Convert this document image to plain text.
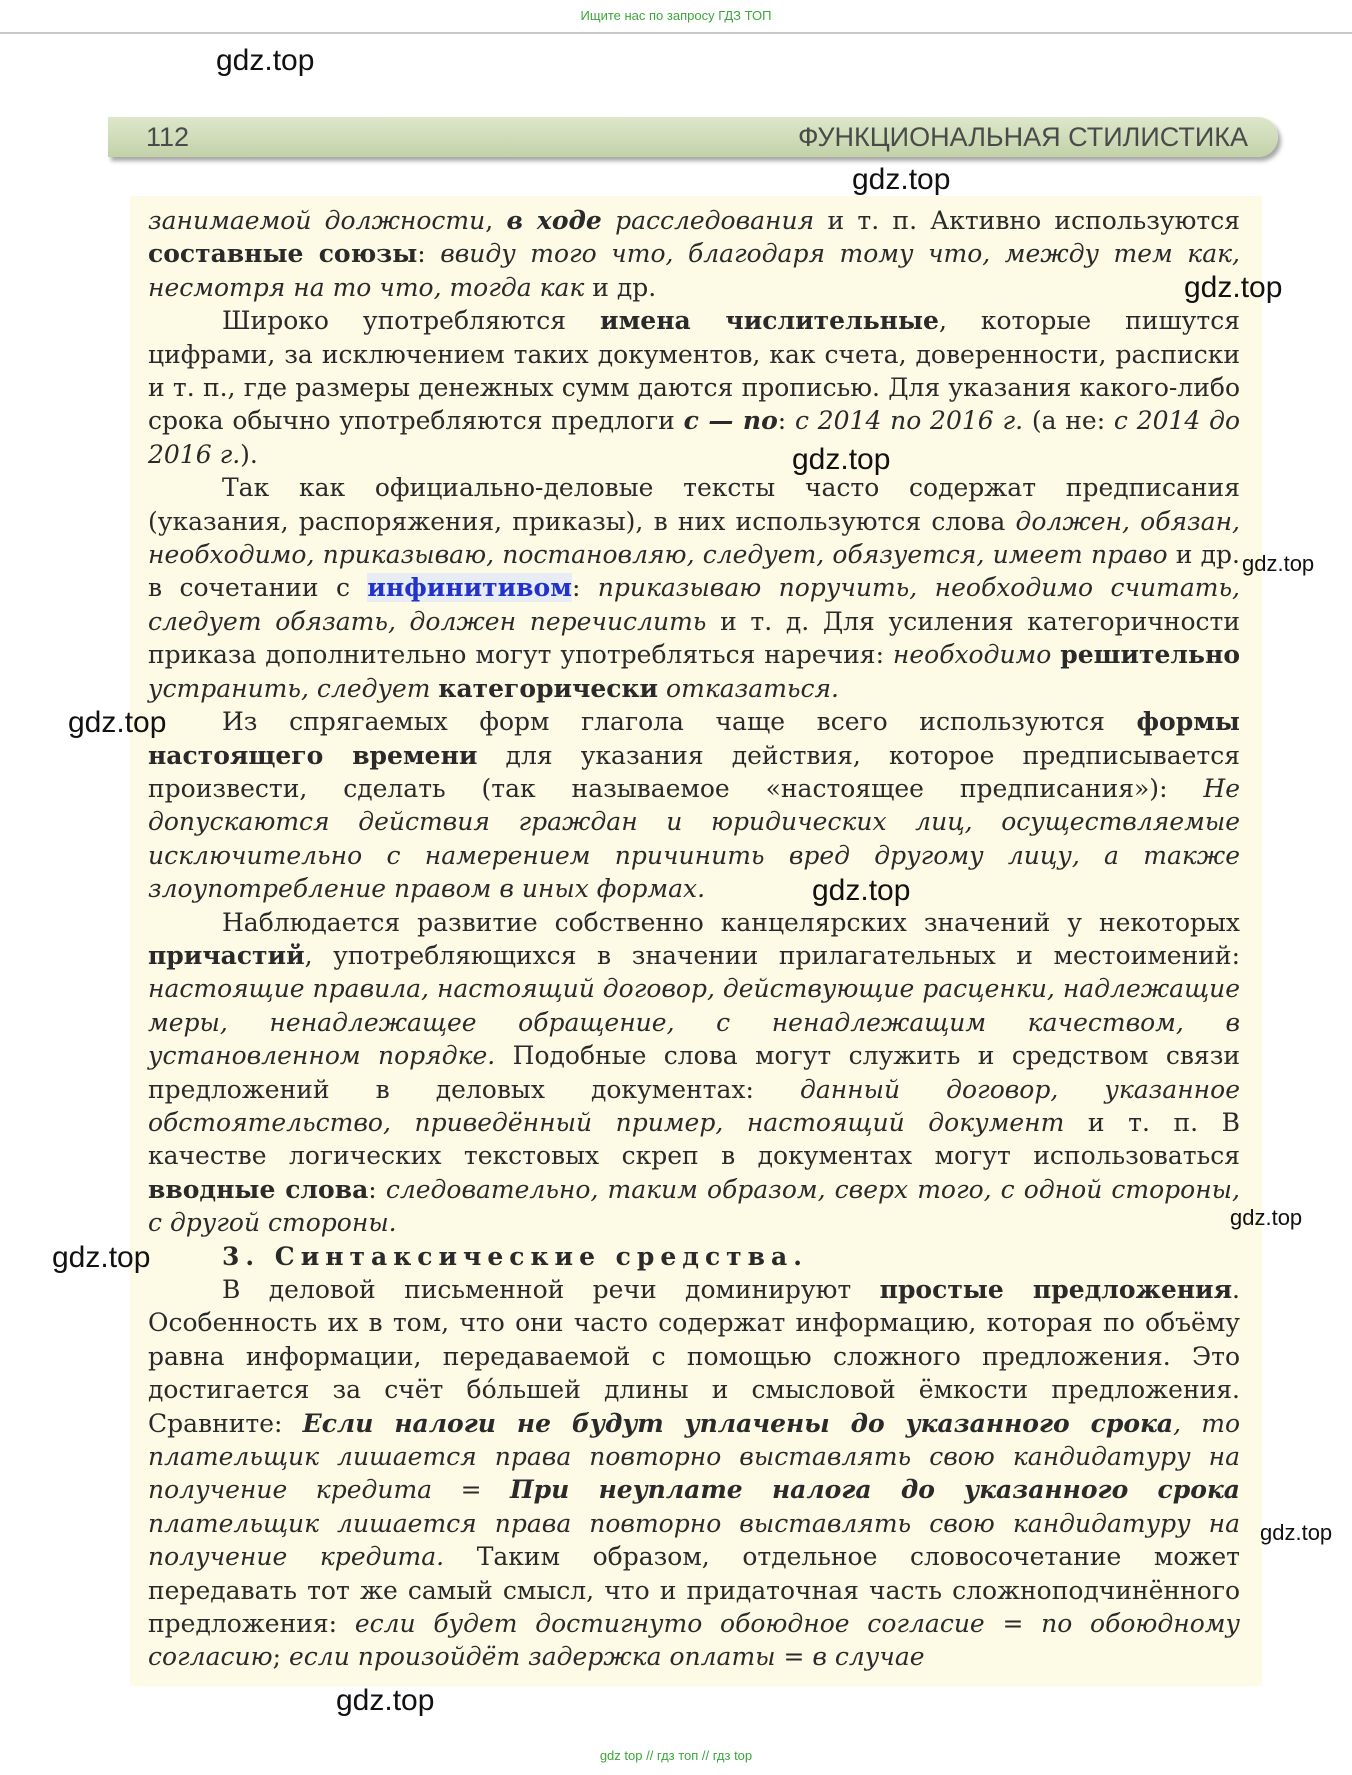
Ищите нас по запросу ГДЗ ТОП
gdz.top
112	ФУНКЦИОНАЛЬНАЯ СТИЛИСТИКА

занимаемой должности, в ходе расследования и т. п. Активно используются составные союзы: ввиду того что, благодаря тому что, между тем как, несмотря на то что, тогда как и др.

Широко употребляются имена числительные, которые пишутся цифрами, за исключением таких документов, как счета, доверенности, расписки и т. п., где размеры денежных сумм даются прописью. Для указания какого-либо срока обычно употребляются предлоги с — по: с 2014 по 2016 г. (а не: с 2014 до 2016 г.).

Так как официально-деловые тексты часто содержат предписания (указания, распоряжения, приказы), в них используются слова должен, обязан, необходимо, приказываю, постановляю, следует, обязуется, имеет право и др. в сочетании с инфинитивом: приказываю поручить, необходимо считать, следует обязать, должен перечислить и т. д. Для усиления категоричности приказа дополнительно могут употребляться наречия: необходимо решительно устранить, следует категорически отказаться.

Из спрягаемых форм глагола чаще всего используются формы настоящего времени для указания действия, которое предписывается произвести, сделать (так называемое «настоящее предписания»): Не допускаются действия граждан и юридических лиц, осуществляемые исключительно с намерением причинить вред другому лицу, а также злоупотребление правом в иных формах.

Наблюдается развитие собственно канцелярских значений у некоторых причастий, употребляющихся в значении прилагательных и местоимений: настоящие правила, настоящий договор, действующие расценки, надлежащие меры, ненадлежащее обращение, с ненадлежащим качеством, в установленном порядке. Подобные слова могут служить и средством связи предложений в деловых документах: данный договор, указанное обстоятельство, приведённый пример, настоящий документ и т. п. В качестве логических текстовых скреп в документах могут использоваться вводные слова: следовательно, таким образом, сверх того, с одной стороны, с другой стороны.

3. Синтаксические средства.

В деловой письменной речи доминируют простые предложения. Особенность их в том, что они часто содержат информацию, которая по объёму равна информации, передаваемой с помощью сложного предложения. Это достигается за счёт бо́льшей длины и смысловой ёмкости предложения. Сравните: Если налоги не будут уплачены до указанного срока, то плательщик лишается права повторно выставлять свою кандидатуру на получение кредита = При неуплате налога до указанного срока плательщик лишается права повторно выставлять свою кандидатуру на получение кредита. Таким образом, отдельное словосочетание может передавать тот же самый смысл, что и придаточная часть сложноподчинённого предложения: если будет достигнуто обоюдное согласие = по обоюдному согласию; если произойдёт задержка оплаты = в случае

gdz.top
gdz.top
gdz.top
gdz.top
gdz.top
gdz.top
gdz.top
gdz.top
gdz.top
gdz.top
gdz top // гдз топ // гдз top
